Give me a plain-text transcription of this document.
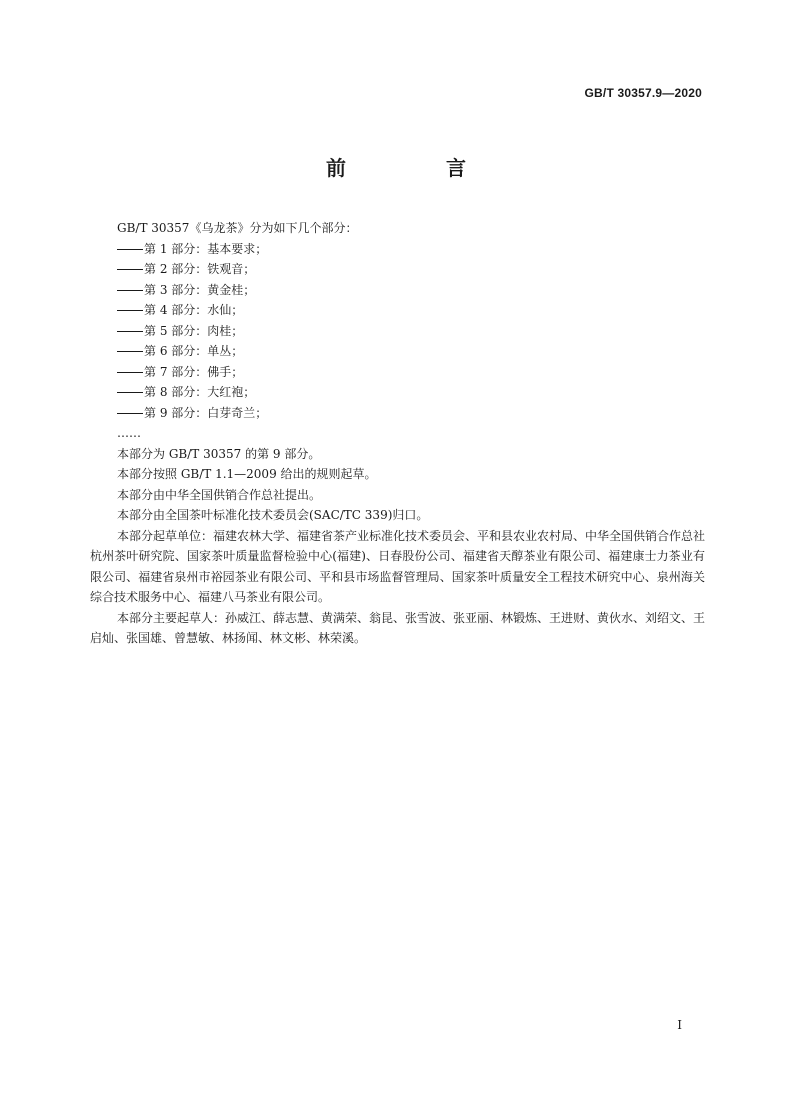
GB/T 30357.9—2020
前　言
GB/T 30357《乌龙茶》分为如下几个部分：
第 1 部分：基本要求；
第 2 部分：铁观音；
第 3 部分：黄金桂；
第 4 部分：水仙；
第 5 部分：肉桂；
第 6 部分：单丛；
第 7 部分：佛手；
第 8 部分：大红袍；
第 9 部分：白芽奇兰；
……
本部分为 GB/T 30357 的第 9 部分。
本部分按照 GB/T 1.1—2009 给出的规则起草。
本部分由中华全国供销合作总社提出。
本部分由全国茶叶标准化技术委员会(SAC/TC 339)归口。
本部分起草单位：福建农林大学、福建省茶产业标准化技术委员会、平和县农业农村局、中华全国供销合作总社杭州茶叶研究院、国家茶叶质量监督检验中心(福建)、日春股份公司、福建省天醇茶业有限公司、福建康士力茶业有限公司、福建省泉州市裕园茶业有限公司、平和县市场监督管理局、国家茶叶质量安全工程技术研究中心、泉州海关综合技术服务中心、福建八马茶业有限公司。
本部分主要起草人：孙威江、薛志慧、黄满荣、翁昆、张雪波、张亚丽、林锻炼、王进财、黄伙水、刘绍文、王启灿、张国雄、曾慧敏、林扬闻、林文彬、林荣溪。
I
